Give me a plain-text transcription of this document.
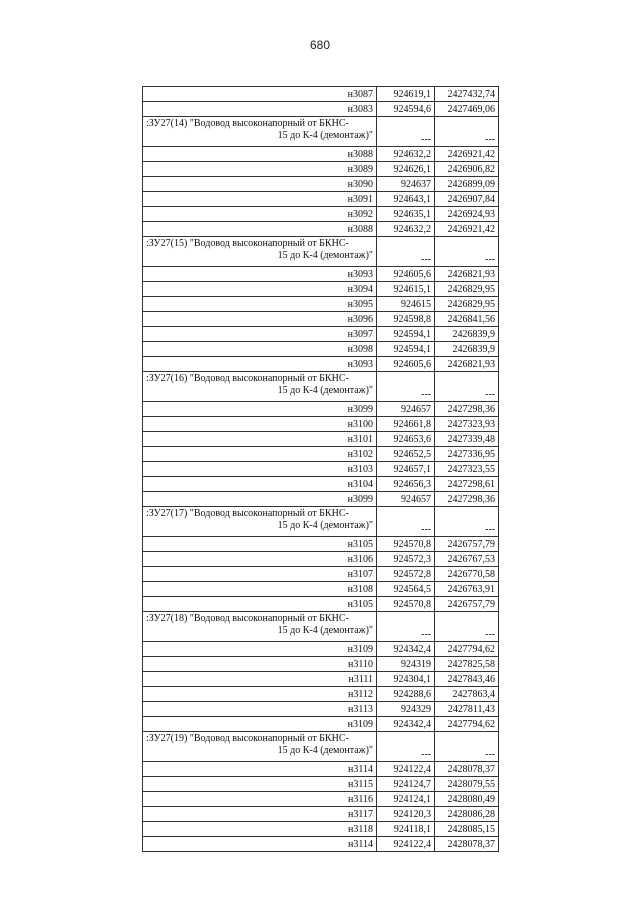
680
н3087	924619,1	2427432,74
н3083	924594,6	2427469,06

:ЗУ27(14) "Водовод высоконапорный от БКНС-
15 до К-4 (демонтаж)"	---	---
н3088	924632,2	2426921,42
н3089	924626,1	2426906,82
н3090	924637	2426899,09
н3091	924643,1	2426907,84
н3092	924635,1	2426924,93
н3088	924632,2	2426921,42

:ЗУ27(15) "Водовод высоконапорный от БКНС-
15 до К-4 (демонтаж)"	---	---
н3093	924605,6	2426821,93
н3094	924615,1	2426829,95
н3095	924615	2426829,95
н3096	924598,8	2426841,56
н3097	924594,1	2426839,9
н3098	924594,1	2426839,9
н3093	924605,6	2426821,93

:ЗУ27(16) "Водовод высоконапорный от БКНС-
15 до К-4 (демонтаж)"	---	---
н3099	924657	2427298,36
н3100	924661,8	2427323,93
н3101	924653,6	2427339,48
н3102	924652,5	2427336,95
н3103	924657,1	2427323,55
н3104	924656,3	2427298,61
н3099	924657	2427298,36

:ЗУ27(17) "Водовод высоконапорный от БКНС-
15 до К-4 (демонтаж)"	---	---
н3105	924570,8	2426757,79
н3106	924572,3	2426767,53
н3107	924572,8	2426770,58
н3108	924564,5	2426763,91
н3105	924570,8	2426757,79

:ЗУ27(18) "Водовод высоконапорный от БКНС-
15 до К-4 (демонтаж)"	---	---
н3109	924342,4	2427794,62
н3110	924319	2427825,58
н3111	924304,1	2427843,46
н3112	924288,6	2427863,4
н3113	924329	2427811,43
н3109	924342,4	2427794,62

:ЗУ27(19) "Водовод высоконапорный от БКНС-
15 до К-4 (демонтаж)"	---	---
н3114	924122,4	2428078,37
н3115	924124,7	2428079,55
н3116	924124,1	2428080,49
н3117	924120,3	2428086,28
н3118	924118,1	2428085,15
н3114	924122,4	2428078,37
